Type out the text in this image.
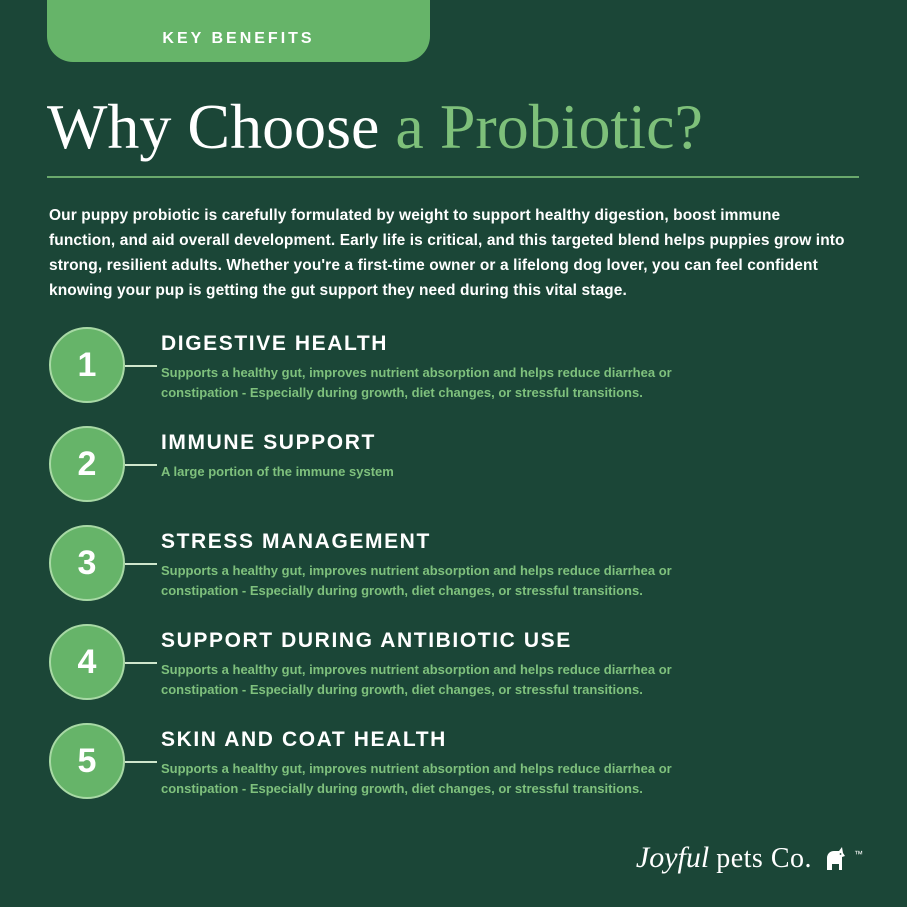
KEY BENEFITS
Why Choose a Probiotic?

Our puppy probiotic is carefully formulated by weight to support healthy digestion, boost immune function, and aid overall development. Early life is critical, and this targeted blend helps puppies grow into strong, resilient adults. Whether you're a first-time owner or a lifelong dog lover, you can feel confident knowing your pup is getting the gut support they need during this vital stage.

1
DIGESTIVE HEALTH
Supports a healthy gut, improves nutrient absorption and helps reduce diarrhea or constipation - Especially during growth, diet changes, or stressful transitions.
2
IMMUNE SUPPORT
A large portion of the immune system
3
STRESS MANAGEMENT
Supports a healthy gut, improves nutrient absorption and helps reduce diarrhea or constipation - Especially during growth, diet changes, or stressful transitions.
4
SUPPORT DURING ANTIBIOTIC USE
Supports a healthy gut, improves nutrient absorption and helps reduce diarrhea or constipation - Especially during growth, diet changes, or stressful transitions.
5
SKIN AND COAT HEALTH
Supports a healthy gut, improves nutrient absorption and helps reduce diarrhea or constipation - Especially during growth, diet changes, or stressful transitions.
Joyful pets Co.	™
